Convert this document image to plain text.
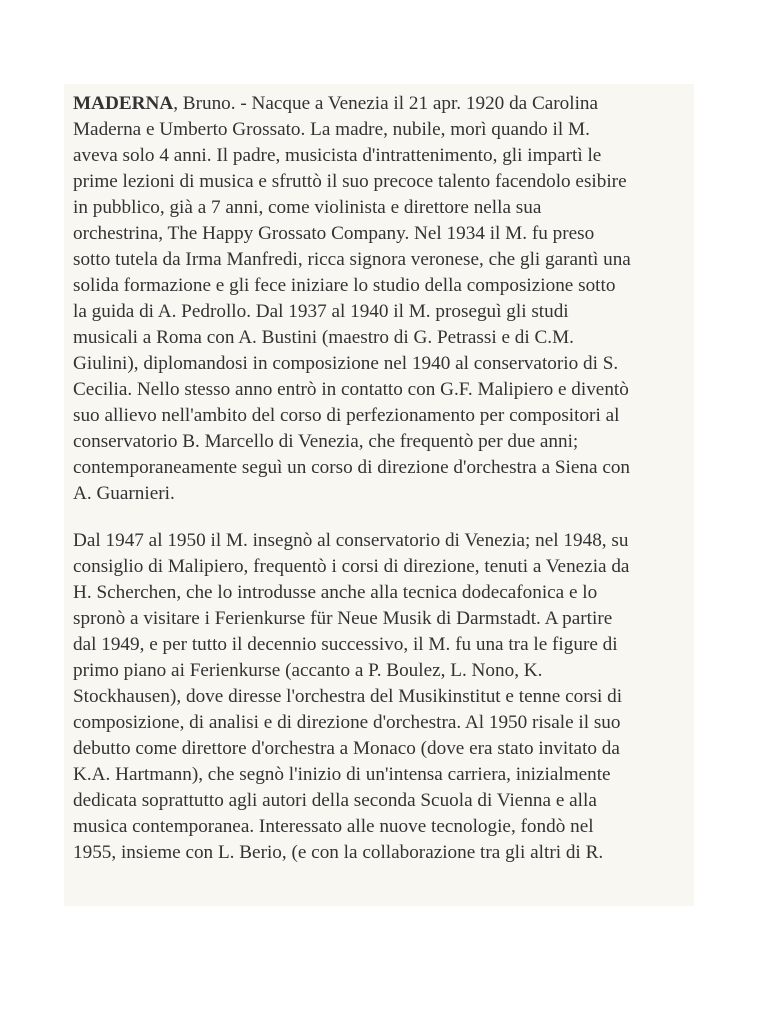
MADERNA, Bruno. - Nacque a Venezia il 21 apr. 1920 da Carolina
Maderna e Umberto Grossato. La madre, nubile, morì quando il M.
aveva solo 4 anni. Il padre, musicista d'intrattenimento, gli impartì le
prime lezioni di musica e sfruttò il suo precoce talento facendolo esibire
in pubblico, già a 7 anni, come violinista e direttore nella sua
orchestrina, The Happy Grossato Company. Nel 1934 il M. fu preso
sotto tutela da Irma Manfredi, ricca signora veronese, che gli garantì una
solida formazione e gli fece iniziare lo studio della composizione sotto
la guida di A. Pedrollo. Dal 1937 al 1940 il M. proseguì gli studi
musicali a Roma con A. Bustini (maestro di G. Petrassi e di C.M.
Giulini), diplomandosi in composizione nel 1940 al conservatorio di S.
Cecilia. Nello stesso anno entrò in contatto con G.F. Malipiero e diventò
suo allievo nell'ambito del corso di perfezionamento per compositori al
conservatorio B. Marcello di Venezia, che frequentò per due anni;
contemporaneamente seguì un corso di direzione d'orchestra a Siena con
A. Guarnieri.

Dal 1947 al 1950 il M. insegnò al conservatorio di Venezia; nel 1948, su
consiglio di Malipiero, frequentò i corsi di direzione, tenuti a Venezia da
H. Scherchen, che lo introdusse anche alla tecnica dodecafonica e lo
spronò a visitare i Ferienkurse für Neue Musik di Darmstadt. A partire
dal 1949, e per tutto il decennio successivo, il M. fu una tra le figure di
primo piano ai Ferienkurse (accanto a P. Boulez, L. Nono, K.
Stockhausen), dove diresse l'orchestra del Musikinstitut e tenne corsi di
composizione, di analisi e di direzione d'orchestra. Al 1950 risale il suo
debutto come direttore d'orchestra a Monaco (dove era stato invitato da
K.A. Hartmann), che segnò l'inizio di un'intensa carriera, inizialmente
dedicata soprattutto agli autori della seconda Scuola di Vienna e alla
musica contemporanea. Interessato alle nuove tecnologie, fondò nel
1955, insieme con L. Berio, (e con la collaborazione tra gli altri di R.
